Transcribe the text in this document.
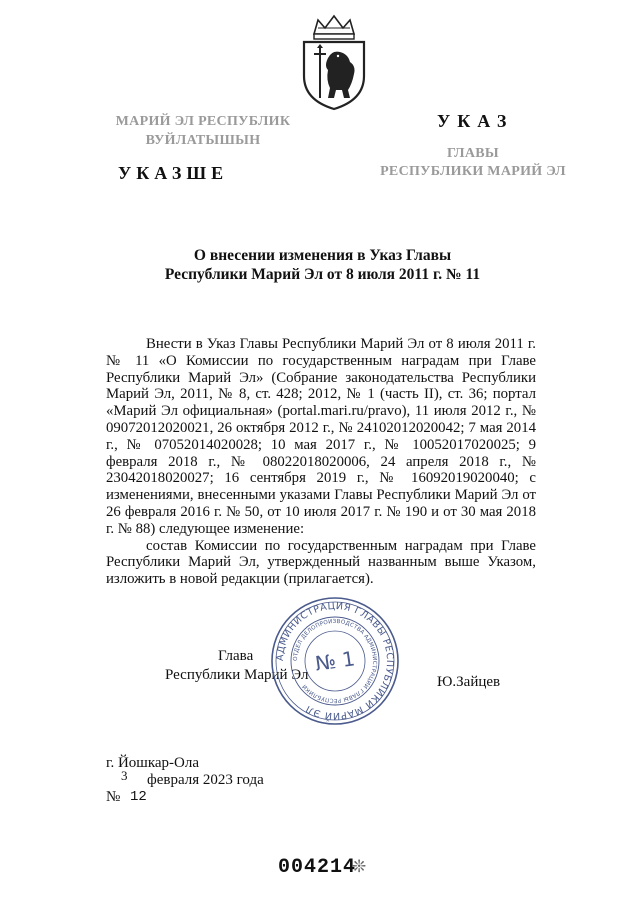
МАРИЙ ЭЛ РЕСПУБЛИК
ВУЙЛАТЫШЫН
УКАЗШЕ
УКАЗ
ГЛАВЫ
РЕСПУБЛИКИ МАРИЙ ЭЛ
О внесении изменения в Указ Главы
Республики Марий Эл от 8 июля 2011 г. № 11

Внести в Указ Главы Республики Марий Эл от 8 июля 2011 г. № 11 «О Комиссии по государственным наградам при Главе Республики Марий Эл» (Собрание законодательства Республики Марий Эл, 2011, № 8, ст. 428; 2012, № 1 (часть II), ст. 36; портал «Марий Эл официальная» (portal.mari.ru/pravo), 11 июля 2012 г., № 09072012020021, 26 октября 2012 г., № 24102012020042; 7 мая 2014 г., № 07052014020028; 10 мая 2017 г., № 10052017020025; 9 февраля 2018 г., № 08022018020006, 24 апреля 2018 г., № 23042018020027; 16 сентября 2019 г., № 16092019020040; с изменениями, внесенными указами Главы Республики Марий Эл от 26 февраля 2016 г. № 50, от 10 июля 2017 г. № 190 и от 30 мая 2018 г. № 88) следующее изменение:

состав Комиссии по государственным наградам при Главе Республики Марий Эл, утвержденный названным выше Указом, изложить в новой редакции (прилагается).

Глава
Республики Марий Эл	Ю.Зайцев
АДМИНИСТРАЦИЯ ГЛАВЫ РЕСПУБЛИКИ МАРИЙ ЭЛ
ОТДЕЛ ДЕЛОПРОИЗВОДСТВА АДМИНИСТРАЦИИ ГЛАВЫ РЕСПУБЛИКИ
№ 1
г. Йошкар-Ола
3 февраля 2023 года
№ 12
004214
❊
